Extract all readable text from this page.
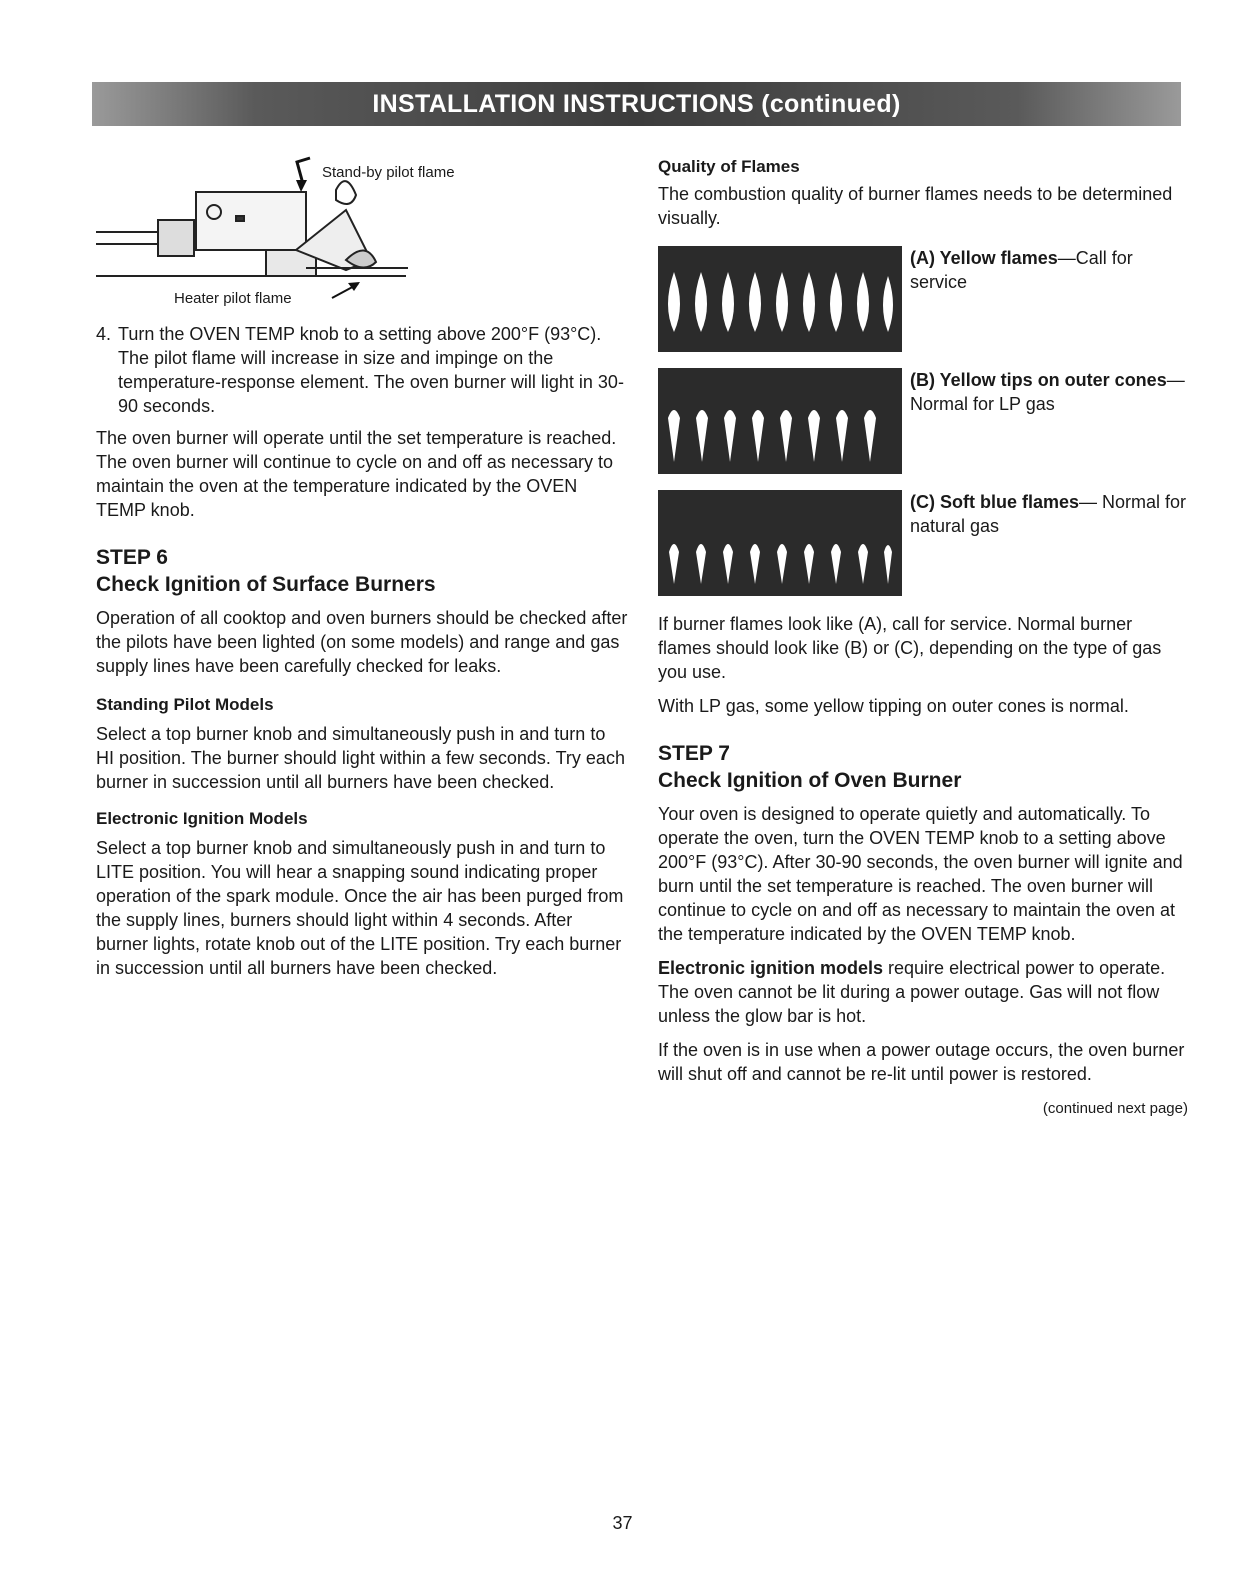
INSTALLATION INSTRUCTIONS (continued)
Stand-by pilot flame
Heater pilot flame
4. Turn the OVEN TEMP knob to a setting above 200°F (93°C). The pilot flame will increase in size and impinge on the temperature-response element. The oven burner will light in 30-90 seconds.

The oven burner will operate until the set temperature is reached. The oven burner will continue to cycle on and off as necessary to maintain the oven at the temperature indicated by the OVEN TEMP knob.

STEP 6
Check Ignition of Surface Burners

Operation of all cooktop and oven burners should be checked after the pilots have been lighted (on some models) and range and gas supply lines have been carefully checked for leaks.

Standing Pilot Models

Select a top burner knob and simultaneously push in and turn to HI position. The burner should light within a few seconds. Try each burner in succession until all burners have been checked.

Electronic Ignition Models

Select a top burner knob and simultaneously push in and turn to LITE position. You will hear a snapping sound indicating proper operation of the spark module. Once the air has been purged from the supply lines, burners should light within 4 seconds. After burner lights, rotate knob out of the LITE position. Try each burner in succession until all burners have been checked.

Quality of Flames

The combustion quality of burner flames needs to be determined visually.

(A) Yellow flames—Call for service

(B) Yellow tips on outer cones—Normal for LP gas

(C) Soft blue flames— Normal for natural gas

If burner flames look like (A), call for service. Normal burner flames should look like (B) or (C), depending on the type of gas you use.

With LP gas, some yellow tipping on outer cones is normal.

STEP 7
Check Ignition of Oven Burner

Your oven is designed to operate quietly and automatically. To operate the oven, turn the OVEN TEMP knob to a setting above 200°F (93°C). After 30-90 seconds, the oven burner will ignite and burn until the set temperature is reached. The oven burner will continue to cycle on and off as necessary to maintain the oven at the temperature indicated by the OVEN TEMP knob.

Electronic ignition models require electrical power to operate. The oven cannot be lit during a power outage. Gas will not flow unless the glow bar is hot.

If the oven is in use when a power outage occurs, the oven burner will shut off and cannot be re-lit until power is restored.

(continued next page)
37
